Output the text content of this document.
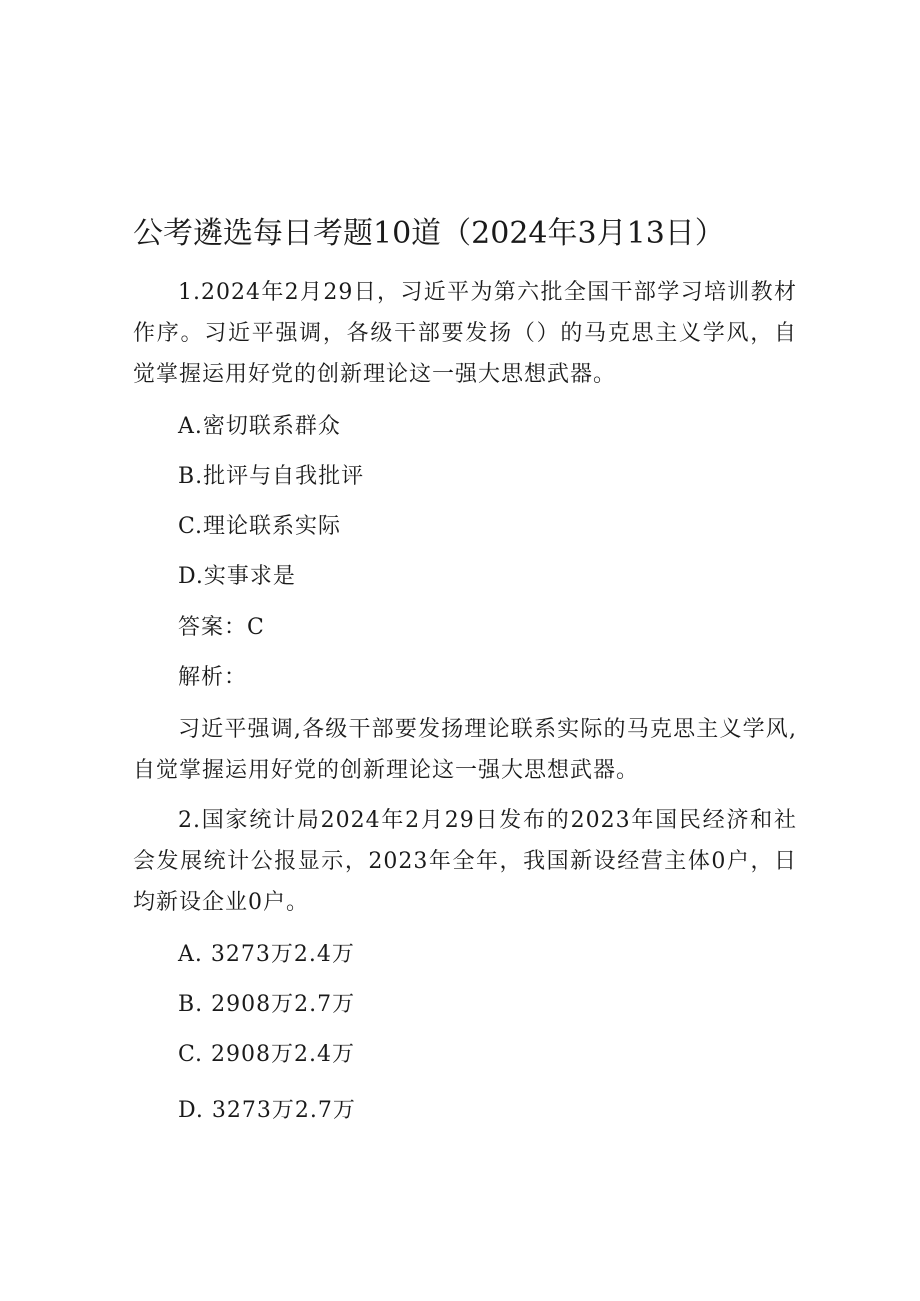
公考遴选每日考题10道（2024年3月13日）
1.2024年2月29日，习近平为第六批全国干部学习培训教材作序。习近平强调，各级干部要发扬（）的马克思主义学风，自觉掌握运用好党的创新理论这一强大思想武器。
A.密切联系群众
B.批评与自我批评
C.理论联系实际
D.实事求是
答案：C
解析：
习近平强调,各级干部要发扬理论联系实际的马克思主义学风,自觉掌握运用好党的创新理论这一强大思想武器。
2.国家统计局2024年2月29日发布的2023年国民经济和社会发展统计公报显示，2023年全年，我国新设经营主体0户，日均新设企业0户。
A. 3273万2.4万
B. 2908万2.7万
C. 2908万2.4万
D. 3273万2.7万
